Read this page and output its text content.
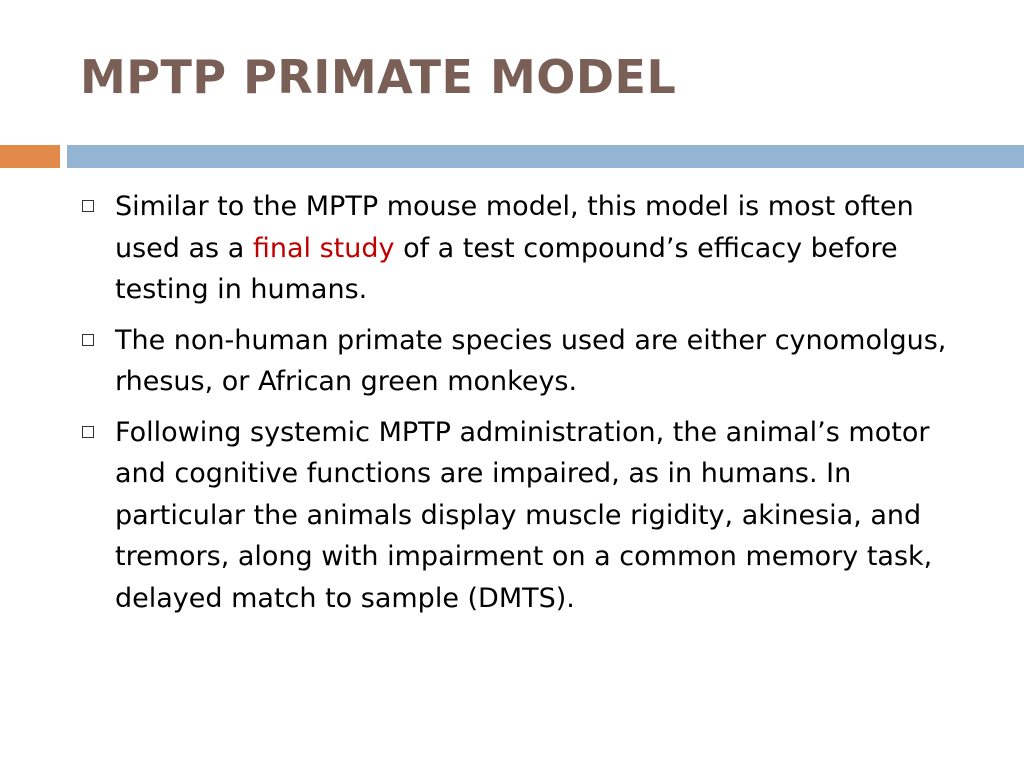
MPTP PRIMATE MODEL
Similar to the MPTP mouse model, this model is most often used as a final study of a test compound’s efficacy before testing in humans.
The non-human primate species used are either cynomolgus, rhesus, or African green monkeys.
Following systemic MPTP administration, the animal’s motor and cognitive functions are impaired, as in humans. In particular the animals display muscle rigidity, akinesia, and tremors, along with impairment on a common memory task, delayed match to sample (DMTS).
